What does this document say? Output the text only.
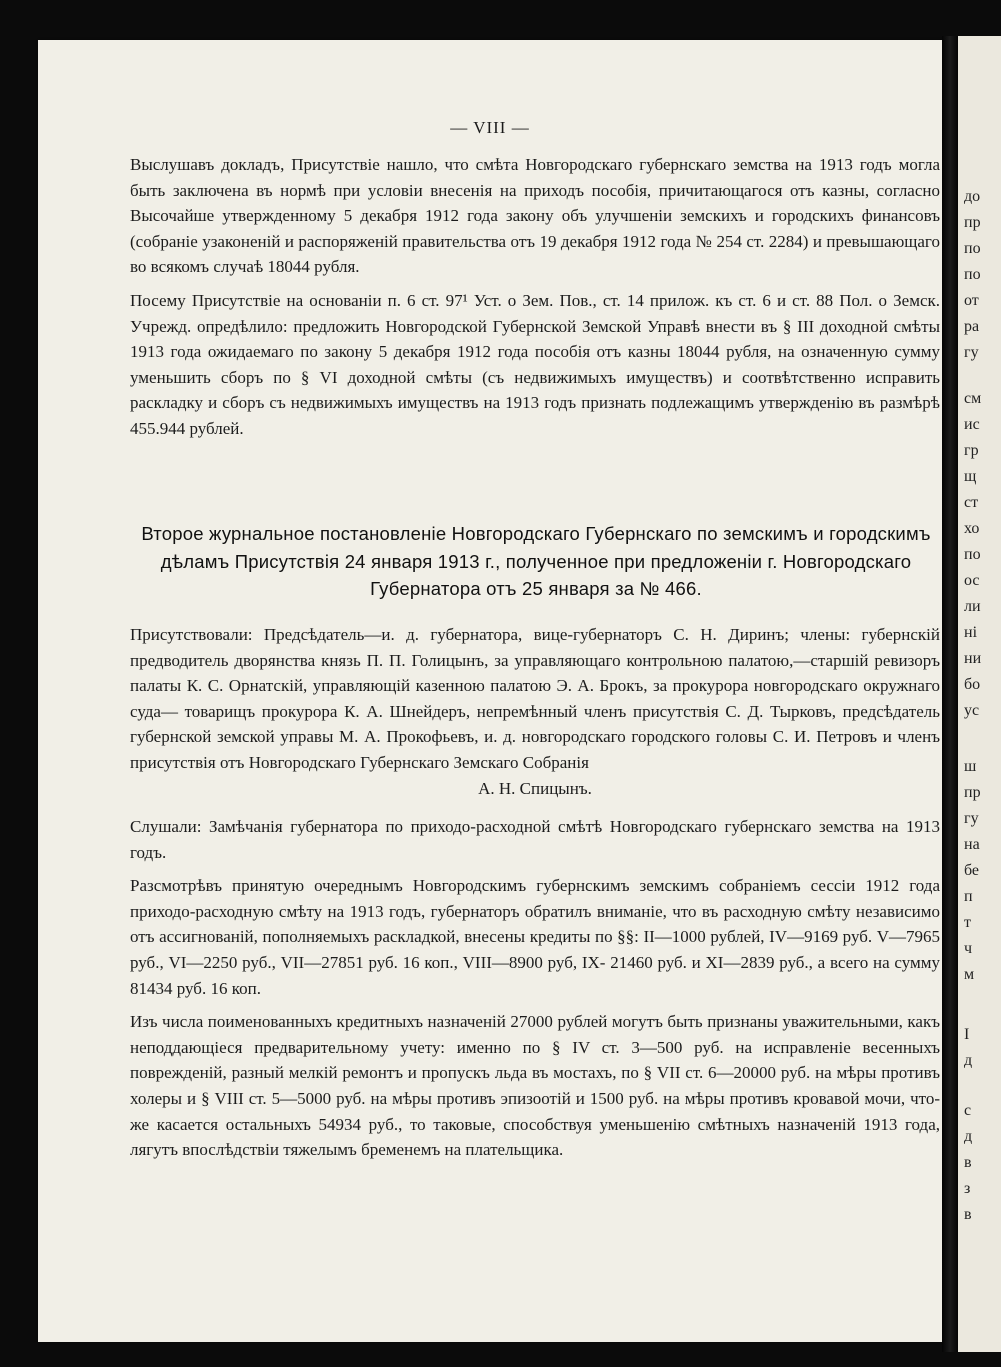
— VIII —

Выслушавъ докладъ, Присутствіе нашло, что смѣта Новгородскаго губернскаго земства на 1913 годъ могла быть заключена въ нормѣ при условіи внесенія на приходъ пособія, причитающагося отъ казны, согласно Высочайше утвержденному 5 декабря 1912 года закону объ улучшеніи земскихъ и городскихъ финансовъ (собраніе узаконеній и распоряженій правительства отъ 19 декабря 1912 года № 254 ст. 2284) и превышающаго во всякомъ случаѣ 18044 рубля.

Посему Присутствіе на основаніи п. 6 ст. 97¹ Уст. о Зем. Пов., ст. 14 прилож. къ ст. 6 и ст. 88 Пол. о Земск. Учрежд. опредѣлило: предложить Новгородской Губернской Земской Управѣ внести въ § III доходной смѣты 1913 года ожидаемаго по закону 5 декабря 1912 года пособія отъ казны 18044 рубля, на означенную сумму уменьшить сборъ по § VI доходной смѣты (съ недвижимыхъ имуществъ) и соотвѣтственно исправить раскладку и сборъ съ недвижимыхъ имуществъ на 1913 годъ признать подлежащимъ утвержденію въ размѣрѣ 455.944 рублей.

Второе журнальное постановленіе Новгородскаго Губернскаго по земскимъ и городскимъ дѣламъ Присутствія 24 января 1913 г., полученное при предложеніи г. Новгородскаго Губернатора отъ 25 января за № 466.

Присутствовали: Предсѣдатель—и. д. губернатора, вице-губернаторъ С. Н. Диринъ; члены: губернскій предводитель дворянства князь П. П. Голицынъ, за управляющаго контрольною палатою,—старшій ревизоръ палаты К. С. Орнатскій, управляющій казенною палатою Э. А. Брокъ, за прокурора новгородскаго окружнаго суда— товарищъ прокурора К. А. Шнейдеръ, непремѣнный членъ присутствія С. Д. Тырковъ, предсѣдатель губернской земской управы М. А. Прокофьевъ, и. д. новгородскаго городского головы С. И. Петровъ и членъ присутствія отъ Новгородскаго Губернскаго Земскаго Собранія

А. Н. Спицынъ.

Слушали: Замѣчанія губернатора по приходо-расходной смѣтѣ Новгородскаго губернскаго земства на 1913 годъ.

Разсмотрѣвъ принятую очереднымъ Новгородскимъ губернскимъ земскимъ собраніемъ сессіи 1912 года приходо-расходную смѣту на 1913 годъ, губернаторъ обратилъ вниманіе, что въ расходную смѣту независимо отъ ассигнованій, пополняемыхъ раскладкой, внесены кредиты по §§: II—1000 рублей, IV—9169 руб. V—7965 руб., VI—2250 руб., VII—27851 руб. 16 коп., VIII—8900 руб, IX- 21460 руб. и XI—2839 руб., а всего на сумму 81434 руб. 16 коп.

Изъ числа поименованныхъ кредитныхъ назначеній 27000 рублей могутъ быть признаны уважительными, какъ неподдающіеся предварительному учету: именно по § IV ст. 3—500 руб. на исправленіе весенныхъ поврежденій, разный мелкій ремонтъ и пропускъ льда въ мостахъ, по § VII ст. 6—20000 руб. на мѣры противъ холеры и § VIII ст. 5—5000 руб. на мѣры противъ эпизоотій и 1500 руб. на мѣры противъ кровавой мочи, что-же касается остальныхъ 54934 руб., то таковые, способствуя уменьшенію смѣтныхъ назначеній 1913 года, лягутъ впослѣдствіи тяжелымъ бременемъ на плательщика.

до
пр
по
по
от
ра
гу
см
ис
гр
щ
ст
хо
по
ос
ли
ні
ни
бо
ус
ш
пр
гу
на
бе
п
т
ч
м
І
д
с
д
в
з
в
